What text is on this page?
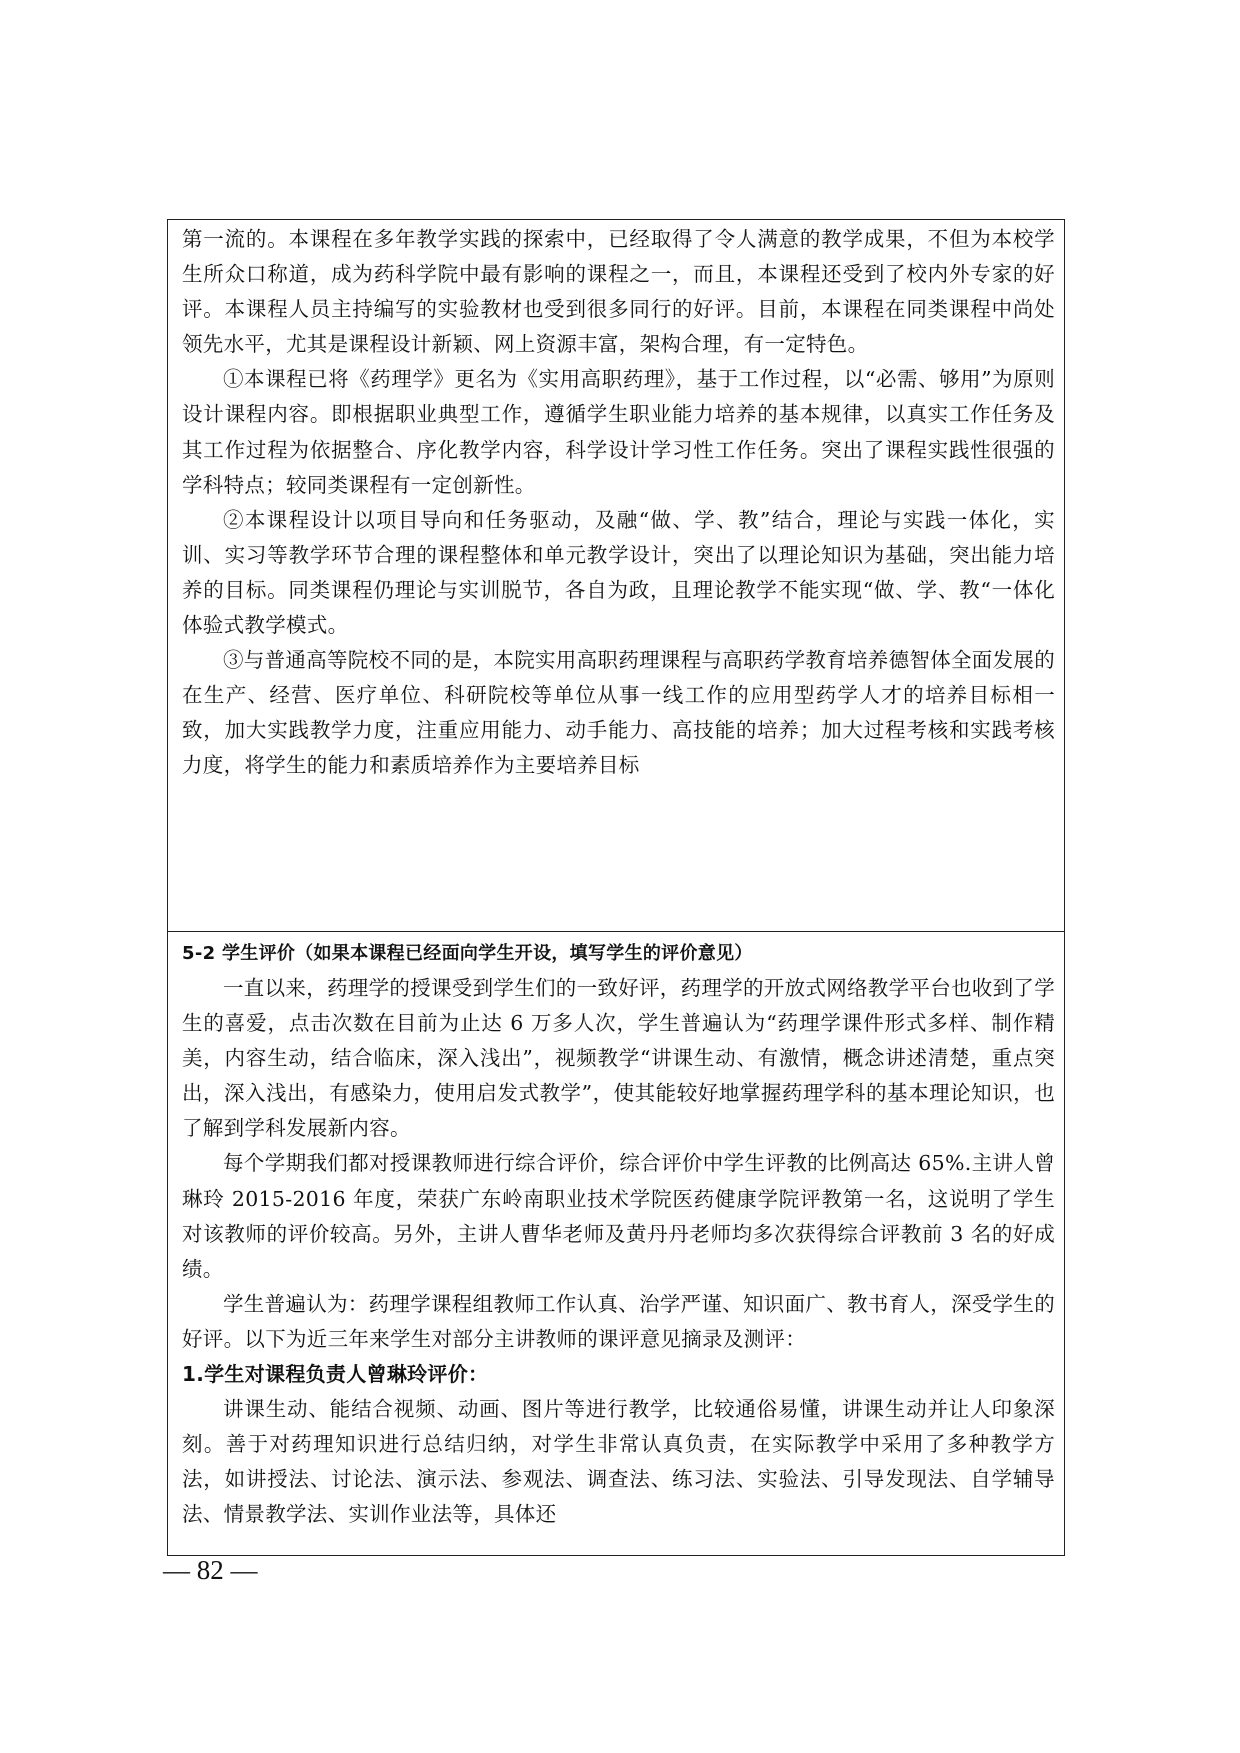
第一流的。本课程在多年教学实践的探索中，已经取得了令人满意的教学成果，不但为本校学生所众口称道，成为药科学院中最有影响的课程之一，而且，本课程还受到了校内外专家的好评。本课程人员主持编写的实验教材也受到很多同行的好评。目前，本课程在同类课程中尚处领先水平，尤其是课程设计新颖、网上资源丰富，架构合理，有一定特色。

①本课程已将《药理学》更名为《实用高职药理》，基于工作过程，以“必需、够用”为原则设计课程内容。即根据职业典型工作，遵循学生职业能力培养的基本规律，以真实工作任务及其工作过程为依据整合、序化教学内容，科学设计学习性工作任务。突出了课程实践性很强的学科特点；较同类课程有一定创新性。

②本课程设计以项目导向和任务驱动，及融“做、学、教”结合，理论与实践一体化，实训、实习等教学环节合理的课程整体和单元教学设计，突出了以理论知识为基础，突出能力培养的目标。同类课程仍理论与实训脱节，各自为政，且理论教学不能实现“做、学、教“一体化体验式教学模式。

③与普通高等院校不同的是，本院实用高职药理课程与高职药学教育培养德智体全面发展的在生产、经营、医疗单位、科研院校等单位从事一线工作的应用型药学人才的培养目标相一致，加大实践教学力度，注重应用能力、动手能力、高技能的培养；加大过程考核和实践考核力度，将学生的能力和素质培养作为主要培养目标

5-2 学生评价（如果本课程已经面向学生开设，填写学生的评价意见）

一直以来，药理学的授课受到学生们的一致好评，药理学的开放式网络教学平台也收到了学生的喜爱，点击次数在目前为止达 6 万多人次，学生普遍认为“药理学课件形式多样、制作精美，内容生动，结合临床，深入浅出”，视频教学“讲课生动、有激情，概念讲述清楚，重点突出，深入浅出，有感染力，使用启发式教学”，使其能较好地掌握药理学科的基本理论知识，也了解到学科发展新内容。

每个学期我们都对授课教师进行综合评价，综合评价中学生评教的比例高达 65%.主讲人曾琳玲 2015-2016 年度，荣获广东岭南职业技术学院医药健康学院评教第一名，这说明了学生对该教师的评价较高。另外，主讲人曹华老师及黄丹丹老师均多次获得综合评教前 3 名的好成绩。

学生普遍认为：药理学课程组教师工作认真、治学严谨、知识面广、教书育人，深受学生的好评。以下为近三年来学生对部分主讲教师的课评意见摘录及测评：

1.学生对课程负责人曾琳玲评价：

讲课生动、能结合视频、动画、图片等进行教学，比较通俗易懂，讲课生动并让人印象深刻。善于对药理知识进行总结归纳，对学生非常认真负责，在实际教学中采用了多种教学方法，如讲授法、讨论法、演示法、参观法、调查法、练习法、实验法、引导发现法、自学辅导法、情景教学法、实训作业法等，具体还

— 82 —
